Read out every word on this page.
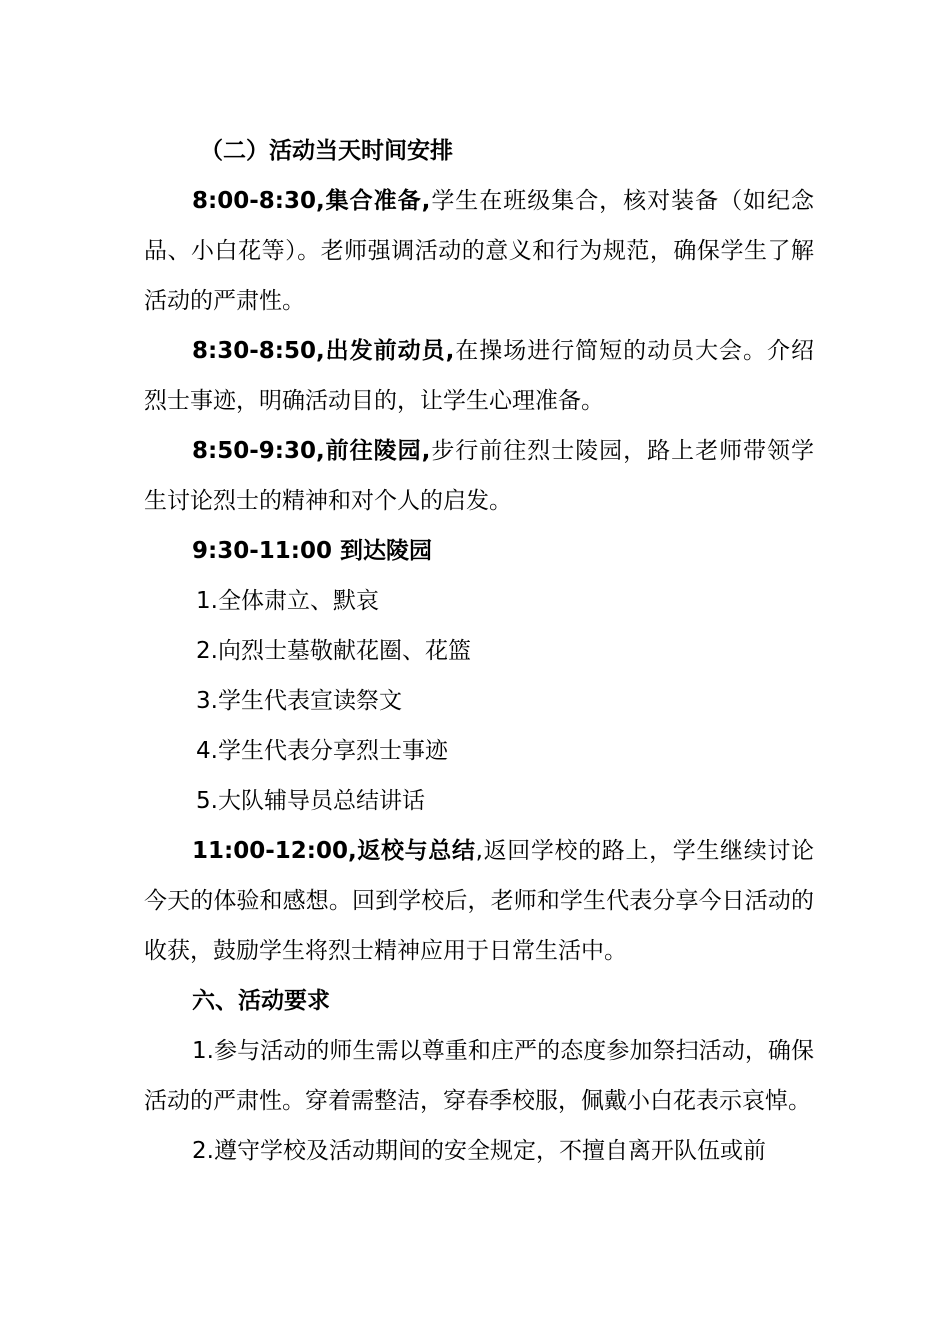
（二）活动当天时间安排

8:00-8:30,集合准备,学生在班级集合，核对装备（如纪念品、小白花等）。老师强调活动的意义和行为规范，确保学生了解活动的严肃性。

8:30-8:50,出发前动员,在操场进行简短的动员大会。介绍烈士事迹，明确活动目的，让学生心理准备。

8:50-9:30,前往陵园,步行前往烈士陵园，路上老师带领学生讨论烈士的精神和对个人的启发。

9:30-11:00 到达陵园

1.全体肃立、默哀

2.向烈士墓敬献花圈、花篮

3.学生代表宣读祭文

4.学生代表分享烈士事迹

5.大队辅导员总结讲话

11:00-12:00,返校与总结,返回学校的路上，学生继续讨论今天的体验和感想。回到学校后，老师和学生代表分享今日活动的收获，鼓励学生将烈士精神应用于日常生活中。

六、活动要求

1.参与活动的师生需以尊重和庄严的态度参加祭扫活动，确保活动的严肃性。穿着需整洁，穿春季校服，佩戴小白花表示哀悼。

2.遵守学校及活动期间的安全规定，不擅自离开队伍或前
